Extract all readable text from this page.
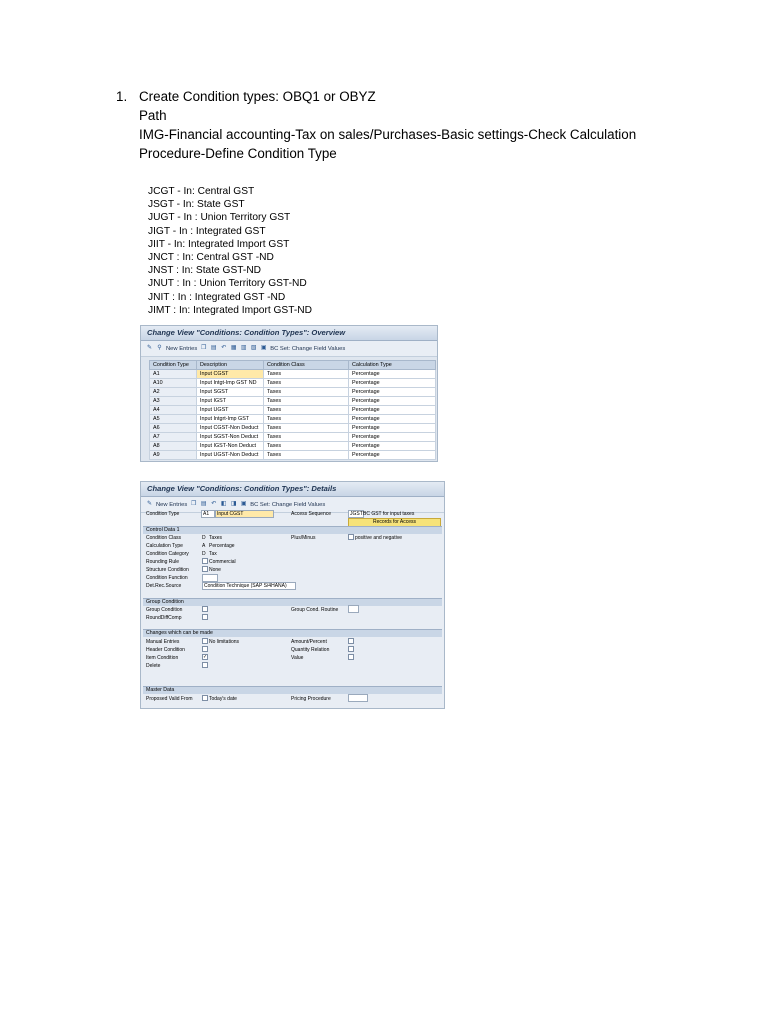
1. Create Condition types: OBQ1 or OBYZ
Path
IMG-Financial accounting-Tax on sales/Purchases-Basic settings-Check Calculation
Procedure-Define Condition Type
JCGT - In: Central GST
JSGT - In: State GST
JUGT - In : Union Territory GST
JIGT - In : Integrated GST
JIIT - In: Integrated Import GST
JNCT : In: Central GST -ND
JNST : In: State GST-ND
JNUT : In : Union Territory GST-ND
JNIT : In : Integrated GST -ND
JIMT : In: Integrated Import GST-ND
Change View "Conditions: Condition Types": Overview
✎ ⚲ New Entries ❐ ▤ ↶ ▦ ▥ ▧ ▣ BC Set: Change Field Values
Condition Type	Description	Condition Class	Calculation Type
A1	Input CGST	Taxes	Percentage
A10	Input Intgt-Imp GST ND	Taxes	Percentage
A2	Input SGST	Taxes	Percentage
A3	Input IGST	Taxes	Percentage
A4	Input UGST	Taxes	Percentage
A5	Input Intgrt-Imp GST	Taxes	Percentage
A6	Input CGST-Non Deduct	Taxes	Percentage
A7	Input SGST-Non Deduct	Taxes	Percentage
A8	Input IGST-Non Deduct	Taxes	Percentage
A9	Input UGST-Non Deduct	Taxes	Percentage
Change View "Conditions: Condition Types": Details
✎ New Entries ❐ ▤ ↶ ◧ ◨ ▣ BC Set: Change Field Values
Condition Type	A1	Input CGST	Access Sequence	JGST BC GST for input taxes
Records for Access
Control Data 1
Condition Class	D Taxes	Plus/Minus	positive and negative
Calculation Type	A Percentage
Condition Category	D Tax
Rounding Rule	Commercial
Structure Condition	None
Condition Function
Det.Rec.Source	Condition Technique (SAP S/4HANA)
Group Condition
Group Condition	Group Cond. Routine
RoundDiffComp
Changes which can be made
Manual Entries	No limitations	Amount/Percent
Header Condition	Quantity Relation
Item Condition	✓	Value
Delete
Master Data
Proposed Valid From	Today's date	Pricing Procedure
